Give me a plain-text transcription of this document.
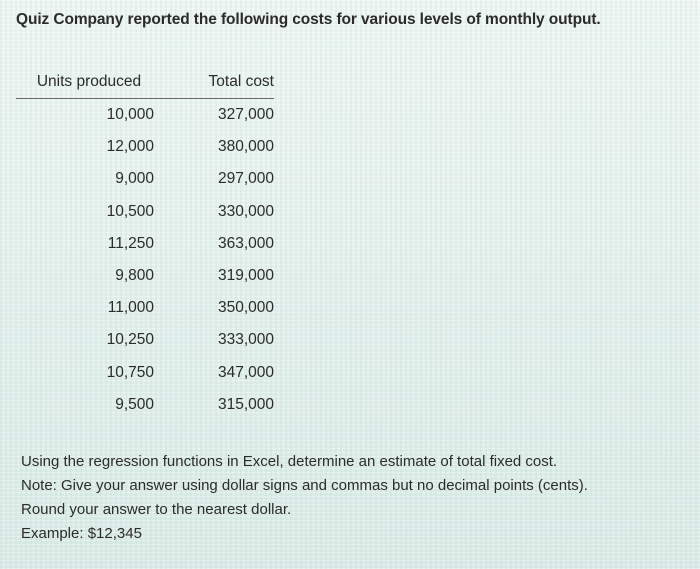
Quiz Company reported the following costs for various levels of monthly output.
Units produced	Total cost
10,000	327,000
12,000	380,000
9,000	297,000
10,500	330,000
11,250	363,000
9,800	319,000
11,000	350,000
10,250	333,000
10,750	347,000
9,500	315,000
Using the regression functions in Excel, determine an estimate of total fixed cost.
Note: Give your answer using dollar signs and commas but no decimal points (cents).
Round your answer to the nearest dollar.
Example: $12,345
